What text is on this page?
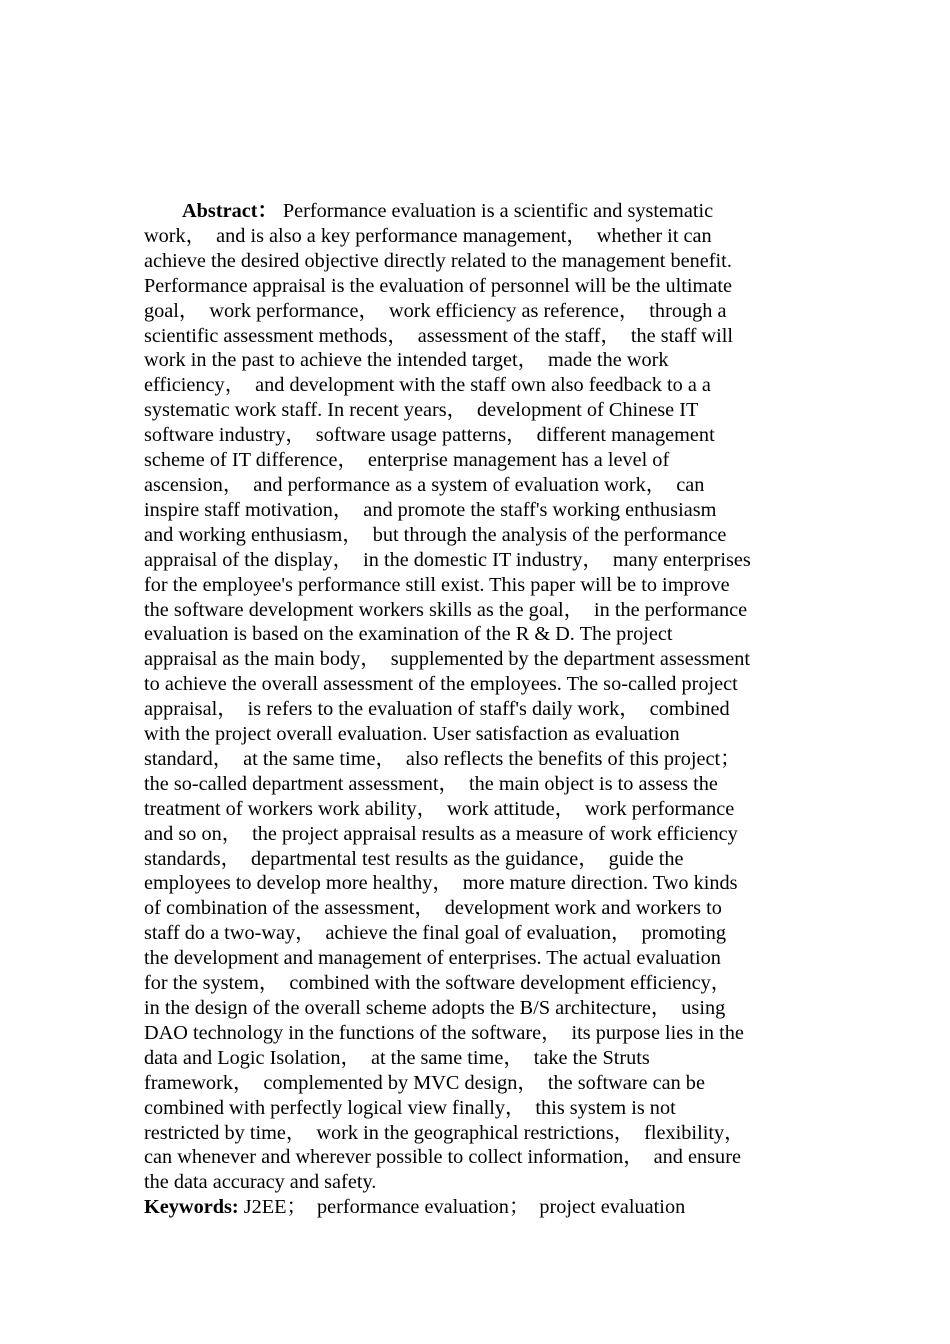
Abstract： Performance evaluation is a scientific and systematic
work，  and is also a key performance management，  whether it can
achieve the desired objective directly related to the management benefit.
Performance appraisal is the evaluation of personnel will be the ultimate
goal，  work performance，  work efficiency as reference，  through a
scientific assessment methods，  assessment of the staff，  the staff will
work in the past to achieve the intended target，  made the work
efficiency，  and development with the staff own also feedback to a a
systematic work staff. In recent years，  development of Chinese IT
software industry，  software usage patterns，  different management
scheme of IT difference，  enterprise management has a level of
ascension，  and performance as a system of evaluation work，  can
inspire staff motivation，  and promote the staff's working enthusiasm
and working enthusiasm，  but through the analysis of the performance
appraisal of the display，  in the domestic IT industry，  many enterprises
for the employee's performance still exist. This paper will be to improve
the software development workers skills as the goal，  in the performance
evaluation is based on the examination of the R & D. The project
appraisal as the main body，  supplemented by the department assessment
to achieve the overall assessment of the employees. The so-called project
appraisal，  is refers to the evaluation of staff's daily work，  combined
with the project overall evaluation. User satisfaction as evaluation
standard，  at the same time，  also reflects the benefits of this project；
the so-called department assessment，  the main object is to assess the
treatment of workers work ability，  work attitude，  work performance
and so on，  the project appraisal results as a measure of work efficiency
standards，  departmental test results as the guidance，  guide the
employees to develop more healthy，  more mature direction. Two kinds
of combination of the assessment，  development work and workers to
staff do a two-way，  achieve the final goal of evaluation，  promoting
the development and management of enterprises. The actual evaluation
for the system，  combined with the software development efficiency，
in the design of the overall scheme adopts the B/S architecture，  using
DAO technology in the functions of the software，  its purpose lies in the
data and Logic Isolation，  at the same time，  take the Struts
framework，  complemented by MVC design，  the software can be
combined with perfectly logical view finally，  this system is not
restricted by time，  work in the geographical restrictions，  flexibility，
can whenever and wherever possible to collect information，  and ensure
the data accuracy and safety.
Keywords: J2EE；  performance evaluation；  project evaluation
